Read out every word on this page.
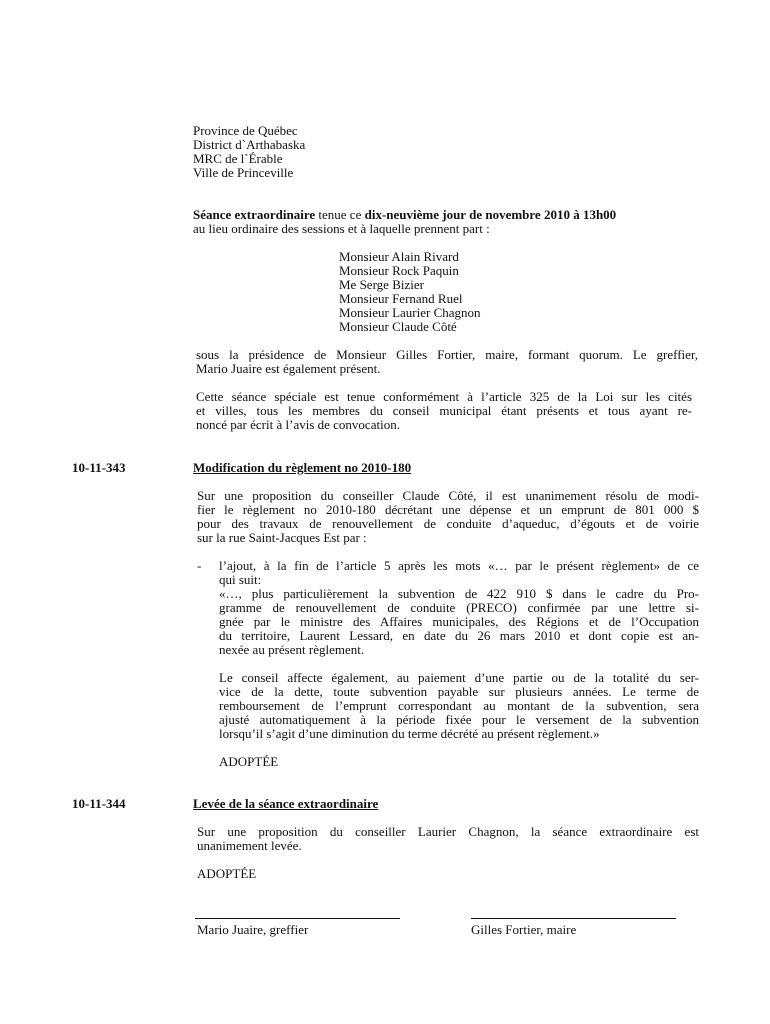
Province de Québec
District d`Arthabaska
MRC de l`Érable
Ville de Princeville
Séance extraordinaire tenue ce dix-neuvième jour de novembre 2010 à 13h00
au lieu ordinaire des sessions et à laquelle prennent part :
Monsieur Alain Rivard
Monsieur Rock Paquin
Me Serge Bizier
Monsieur Fernand Ruel
Monsieur Laurier Chagnon
Monsieur Claude Côté
sous la présidence de Monsieur Gilles Fortier, maire, formant quorum. Le greffier,
Mario Juaire est également présent.
Cette séance spéciale est tenue conformément à l’article 325 de la Loi sur les cités
et villes, tous les membres du conseil municipal étant présents et tous ayant re-
noncé par écrit à l’avis de convocation.
10-11-343	Modification du règlement no 2010-180
Sur une proposition du conseiller Claude Côté, il est unanimement résolu de modi-
fier le règlement no 2010-180 décrétant une dépense et un emprunt de 801 000 $
pour des travaux de renouvellement de conduite d’aqueduc, d’égouts et de voirie
sur la rue Saint-Jacques Est par :
- l’ajout, à la fin de l’article 5 après les mots «… par le présent règlement» de ce
qui suit:
«…, plus particulièrement la subvention de 422 910 $ dans le cadre du Pro-
gramme de renouvellement de conduite (PRECO) confirmée par une lettre si-
gnée par le ministre des Affaires municipales, des Régions et de l’Occupation
du territoire, Laurent Lessard, en date du 26 mars 2010 et dont copie est an-
nexée au présent règlement.
Le conseil affecte également, au paiement d’une partie ou de la totalité du ser-
vice de la dette, toute subvention payable sur plusieurs années. Le terme de
remboursement de l’emprunt correspondant au montant de la subvention, sera
ajusté automatiquement à la période fixée pour le versement de la subvention
lorsqu’il s’agit d’une diminution du terme décrété au présent règlement.»
ADOPTÉE
10-11-344	Levée de la séance extraordinaire
Sur une proposition du conseiller Laurier Chagnon, la séance extraordinaire est
unanimement levée.
ADOPTÉE
Mario Juaire, greffier	Gilles Fortier, maire
